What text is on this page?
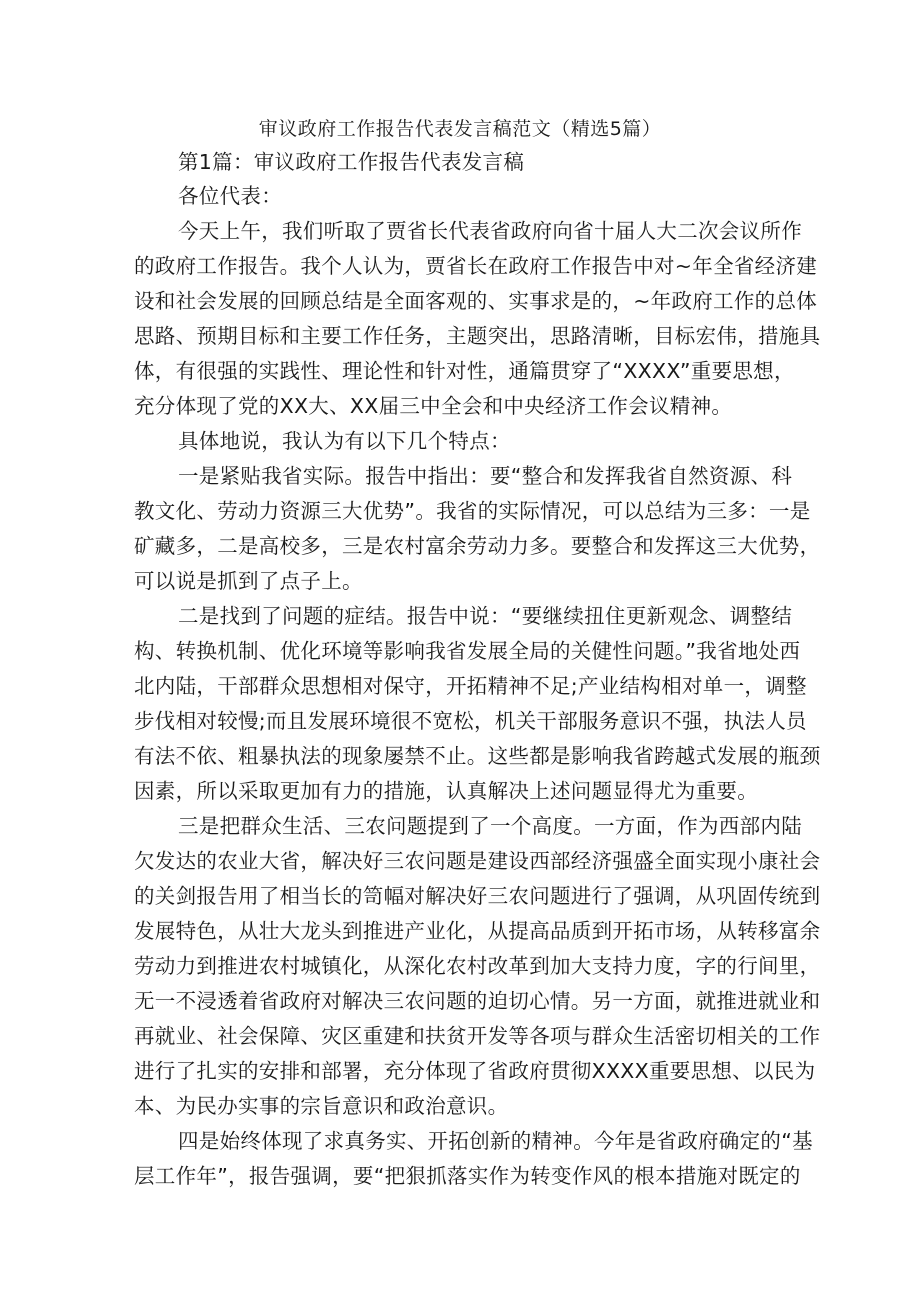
审议政府工作报告代表发言稿范文（精选5篇）
第1篇：审议政府工作报告代表发言稿
各位代表：
今天上午，我们听取了贾省长代表省政府向省十届人大二次会议所作
的政府工作报告。我个人认为，贾省长在政府工作报告中对~年全省经济建
设和社会发展的回顾总结是全面客观的、实事求是的，~年政府工作的总体
思路、预期目标和主要工作任务，主题突出，思路清晰，目标宏伟，措施具
体，有很强的实践性、理论性和针对性，通篇贯穿了“XXXX”重要思想，
充分体现了党的XX大、XX届三中全会和中央经济工作会议精神。
具体地说，我认为有以下几个特点：
一是紧贴我省实际。报告中指出：要“整合和发挥我省自然资源、科
教文化、劳动力资源三大优势”。我省的实际情况，可以总结为三多：一是
矿藏多，二是高校多，三是农村富余劳动力多。要整合和发挥这三大优势，
可以说是抓到了点子上。
二是找到了问题的症结。报告中说：“要继续扭住更新观念、调整结
构、转换机制、优化环境等影响我省发展全局的关健性问题。”我省地处西
北内陆，干部群众思想相对保守，开拓精神不足;产业结构相对单一，调整
步伐相对较慢;而且发展环境很不宽松，机关干部服务意识不强，执法人员
有法不依、粗暴执法的现象屡禁不止。这些都是影响我省跨越式发展的瓶颈
因素，所以采取更加有力的措施，认真解决上述问题显得尤为重要。
三是把群众生活、三农问题提到了一个高度。一方面，作为西部内陆
欠发达的农业大省，解决好三农问题是建设西部经济强盛全面实现小康社会
的关剑报告用了相当长的笥幅对解决好三农问题进行了强调，从巩固传统到
发展特色，从壮大龙头到推进产业化，从提高品质到开拓市场，从转移富余
劳动力到推进农村城镇化，从深化农村改革到加大支持力度，字的行间里，
无一不浸透着省政府对解决三农问题的迫切心情。另一方面，就推进就业和
再就业、社会保障、灾区重建和扶贫开发等各项与群众生活密切相关的工作
进行了扎实的安排和部署，充分体现了省政府贯彻XXXX重要思想、以民为
本、为民办实事的宗旨意识和政治意识。
四是始终体现了求真务实、开拓创新的精神。今年是省政府确定的“基
层工作年”，报告强调，要“把狠抓落实作为转变作风的根本措施对既定的
